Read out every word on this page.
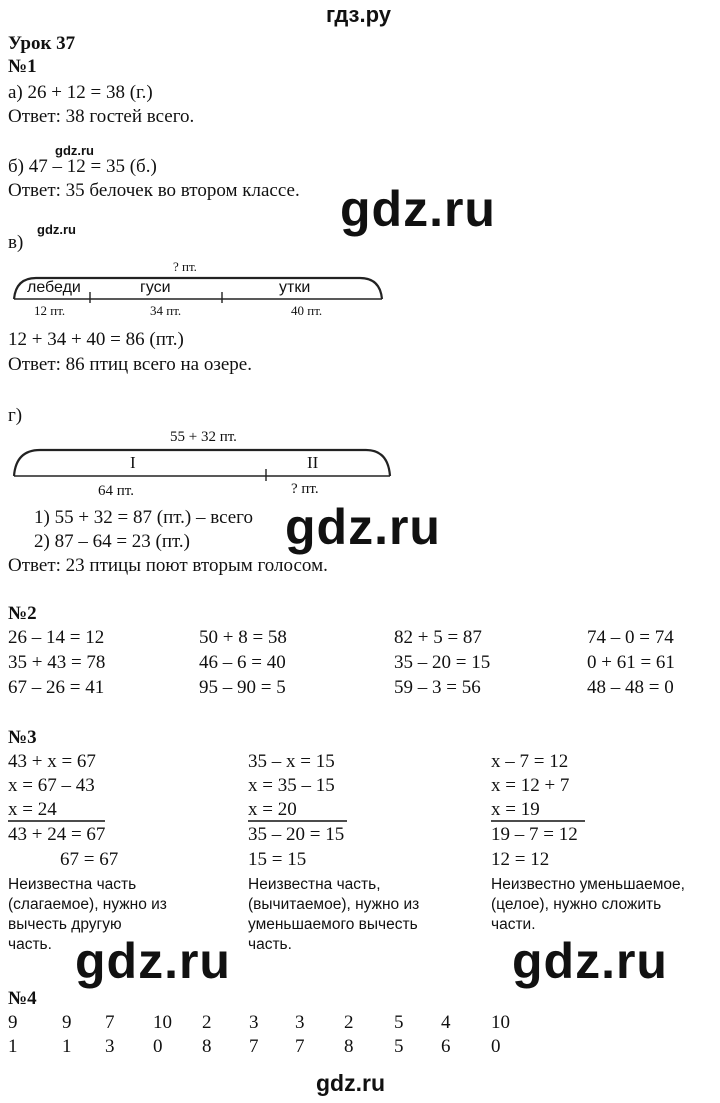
гдз.ру
Урок 37
№1
а) 26 + 12 = 38 (г.)
Ответ: 38 гостей всего.
gdz.ru
б) 47 – 12 = 35 (б.)
Ответ: 35 белочек во втором классе. gdz.ru
в)
gdz.ru
? пт.
лебеди	гуси	утки
12 пт.	34 пт.	40 пт.
12 + 34 + 40 = 86 (пт.)
Ответ: 86 птиц всего на озере.
г)
55 + 32 пт.
I	II
64 пт.	? пт.
1) 55 + 32 = 87 (пт.) – всего gdz.ru
2) 87 – 64 = 23 (пт.)
Ответ: 23 птицы поют вторым голосом.
№2
26 – 14 = 12	50 + 8 = 58	82 + 5 = 87	74 – 0 = 74
35 + 43 = 78	46 – 6 = 40	35 – 20 = 15	0 + 61 = 61
67 – 26 = 41	95 – 90 = 5	59 – 3 = 56	48 – 48 = 0
№3
43 + x = 67
x = 67 – 43
x = 24
43 + 24 = 67
67 = 67
Неизвестна часть
(слагаемое), нужно из
вычесть другую
часть.
35 – x = 15
x = 35 – 15
x = 20
35 – 20 = 15
15 = 15
Неизвестна часть,
(вычитаемое), нужно из
уменьшаемого вычесть
часть.
x – 7 = 12
x = 12 + 7
x = 19
19 – 7 = 12
12 = 12
Неизвестно уменьшаемое,
(целое), нужно сложить
части.
gdz.ru	gdz.ru
№4
9 9 7 10 2 3 3 2 5 4 10
1 1 3 0 8 7 7 8 5 6 0
gdz.ru
